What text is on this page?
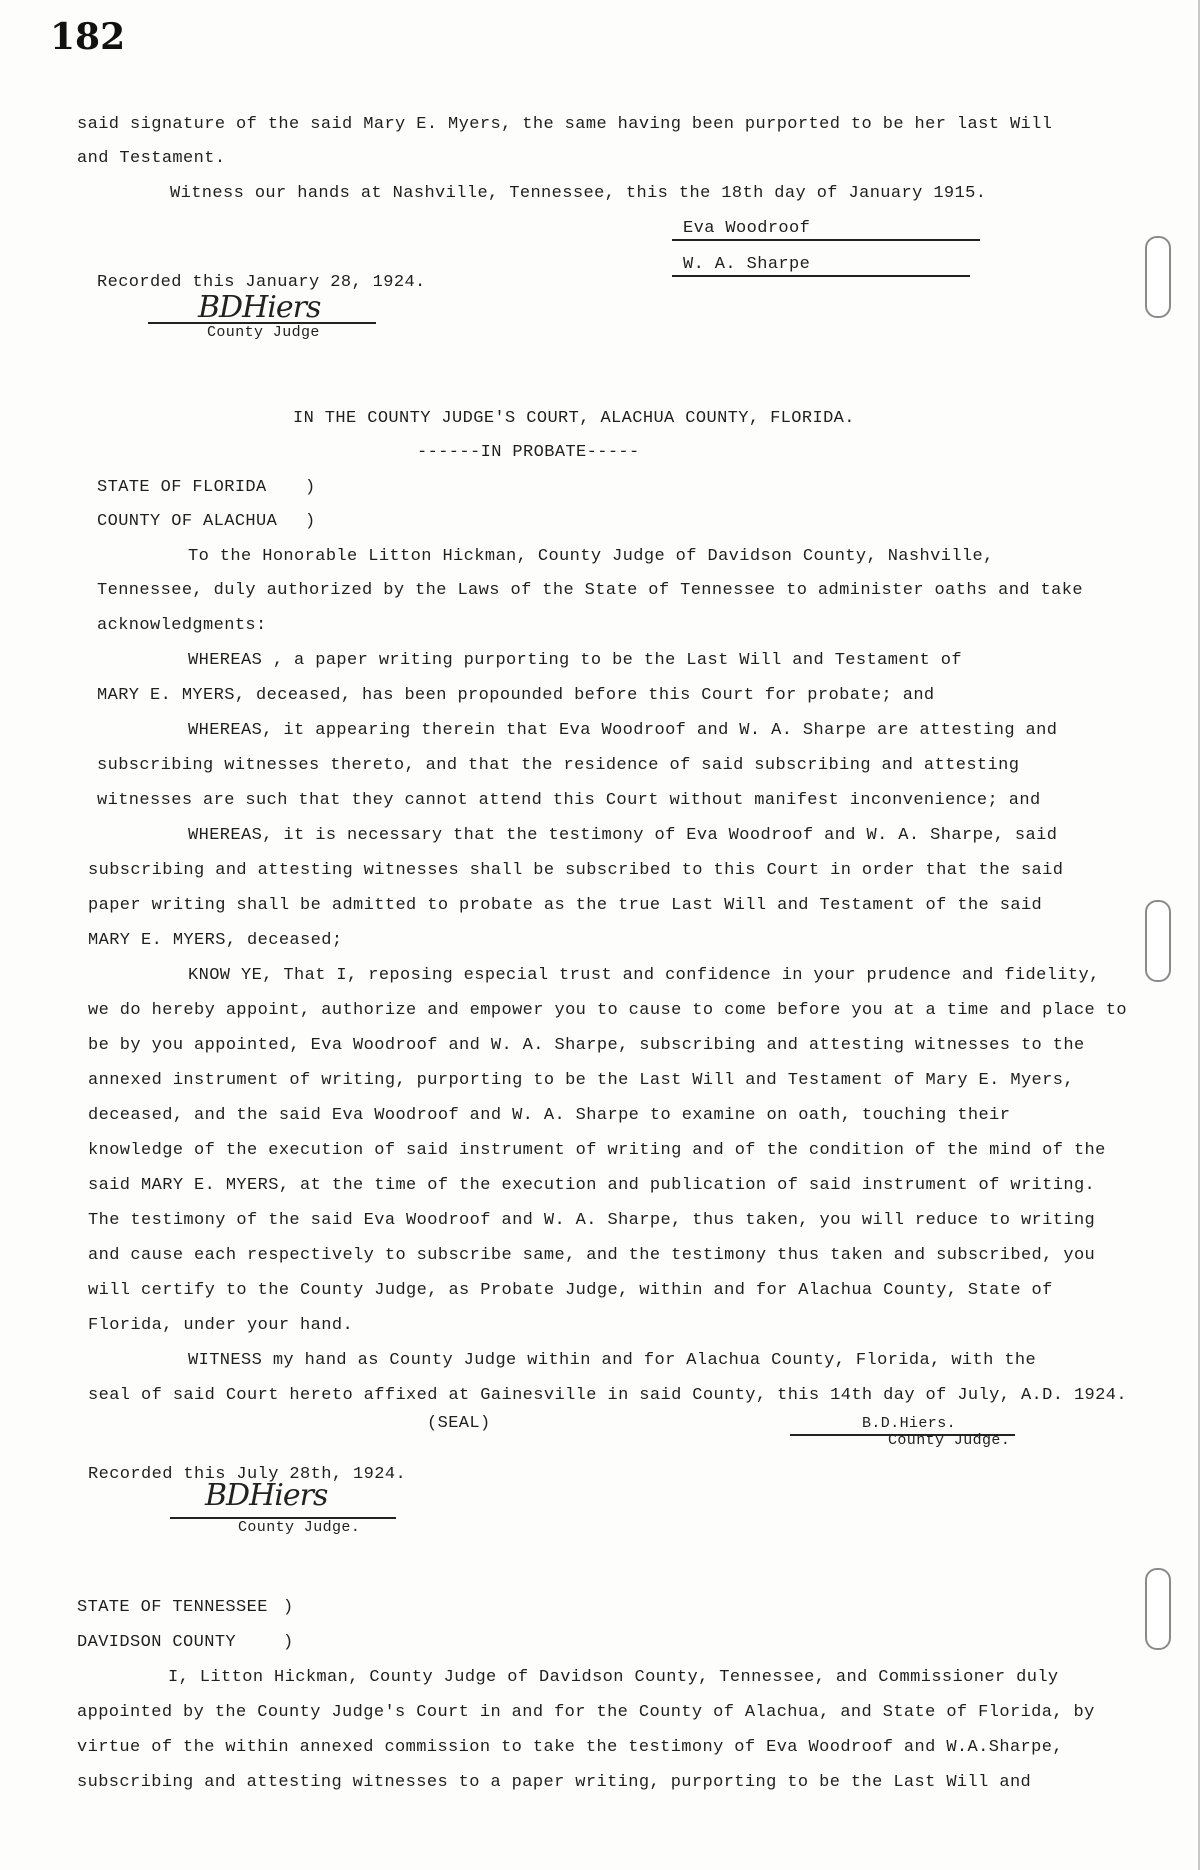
182
said signature of the said Mary E. Myers, the same having been purported to be her last Will
and Testament.
Witness our hands at Nashville, Tennessee, this the 18th day of January 1915.
Eva Woodroof
W. A. Sharpe
Recorded this January 28, 1924.
BDHiers
County Judge
IN THE COUNTY JUDGE'S COURT, ALACHUA COUNTY, FLORIDA.
------IN PROBATE-----
STATE OF FLORIDA )
COUNTY OF ALACHUA )
To the Honorable Litton Hickman, County Judge of Davidson County, Nashville,
Tennessee, duly authorized by the Laws of the State of Tennessee to administer oaths and take
acknowledgments:
WHEREAS , a paper writing purporting to be the Last Will and Testament of
MARY E. MYERS, deceased, has been propounded before this Court for probate; and
WHEREAS, it appearing therein that Eva Woodroof and W. A. Sharpe are attesting and
subscribing witnesses thereto, and that the residence of said subscribing and attesting
witnesses are such that they cannot attend this Court without manifest inconvenience; and
WHEREAS, it is necessary that the testimony of Eva Woodroof and W. A. Sharpe, said
subscribing and attesting witnesses shall be subscribed to this Court in order that the said
paper writing shall be admitted to probate as the true Last Will and Testament of the said
MARY E. MYERS, deceased;
KNOW YE, That I, reposing especial trust and confidence in your prudence and fidelity,
we do hereby appoint, authorize and empower you to cause to come before you at a time and place to
be by you appointed, Eva Woodroof and W. A. Sharpe, subscribing and attesting witnesses to the
annexed instrument of writing, purporting to be the Last Will and Testament of Mary E. Myers,
deceased, and the said Eva Woodroof and W. A. Sharpe to examine on oath, touching their
knowledge of the execution of said instrument of writing and of the condition of the mind of the
said MARY E. MYERS, at the time of the execution and publication of said instrument of writing.
The testimony of the said Eva Woodroof and W. A. Sharpe, thus taken, you will reduce to writing
and cause each respectively to subscribe same, and the testimony thus taken and subscribed, you
will certify to the County Judge, as Probate Judge, within and for Alachua County, State of
Florida, under your hand.
WITNESS my hand as County Judge within and for Alachua County, Florida, with the
seal of said Court hereto affixed at Gainesville in said County, this 14th day of July, A.D. 1924.
(SEAL)	B.D.Hiers.
County Judge.
Recorded this July 28th, 1924.
BDHiers
County Judge.
STATE OF TENNESSEE )
DAVIDSON COUNTY	)
I, Litton Hickman, County Judge of Davidson County, Tennessee, and Commissioner duly
appointed by the County Judge's Court in and for the County of Alachua, and State of Florida, by
virtue of the within annexed commission to take the testimony of Eva Woodroof and W.A.Sharpe,
subscribing and attesting witnesses to a paper writing, purporting to be the Last Will and
